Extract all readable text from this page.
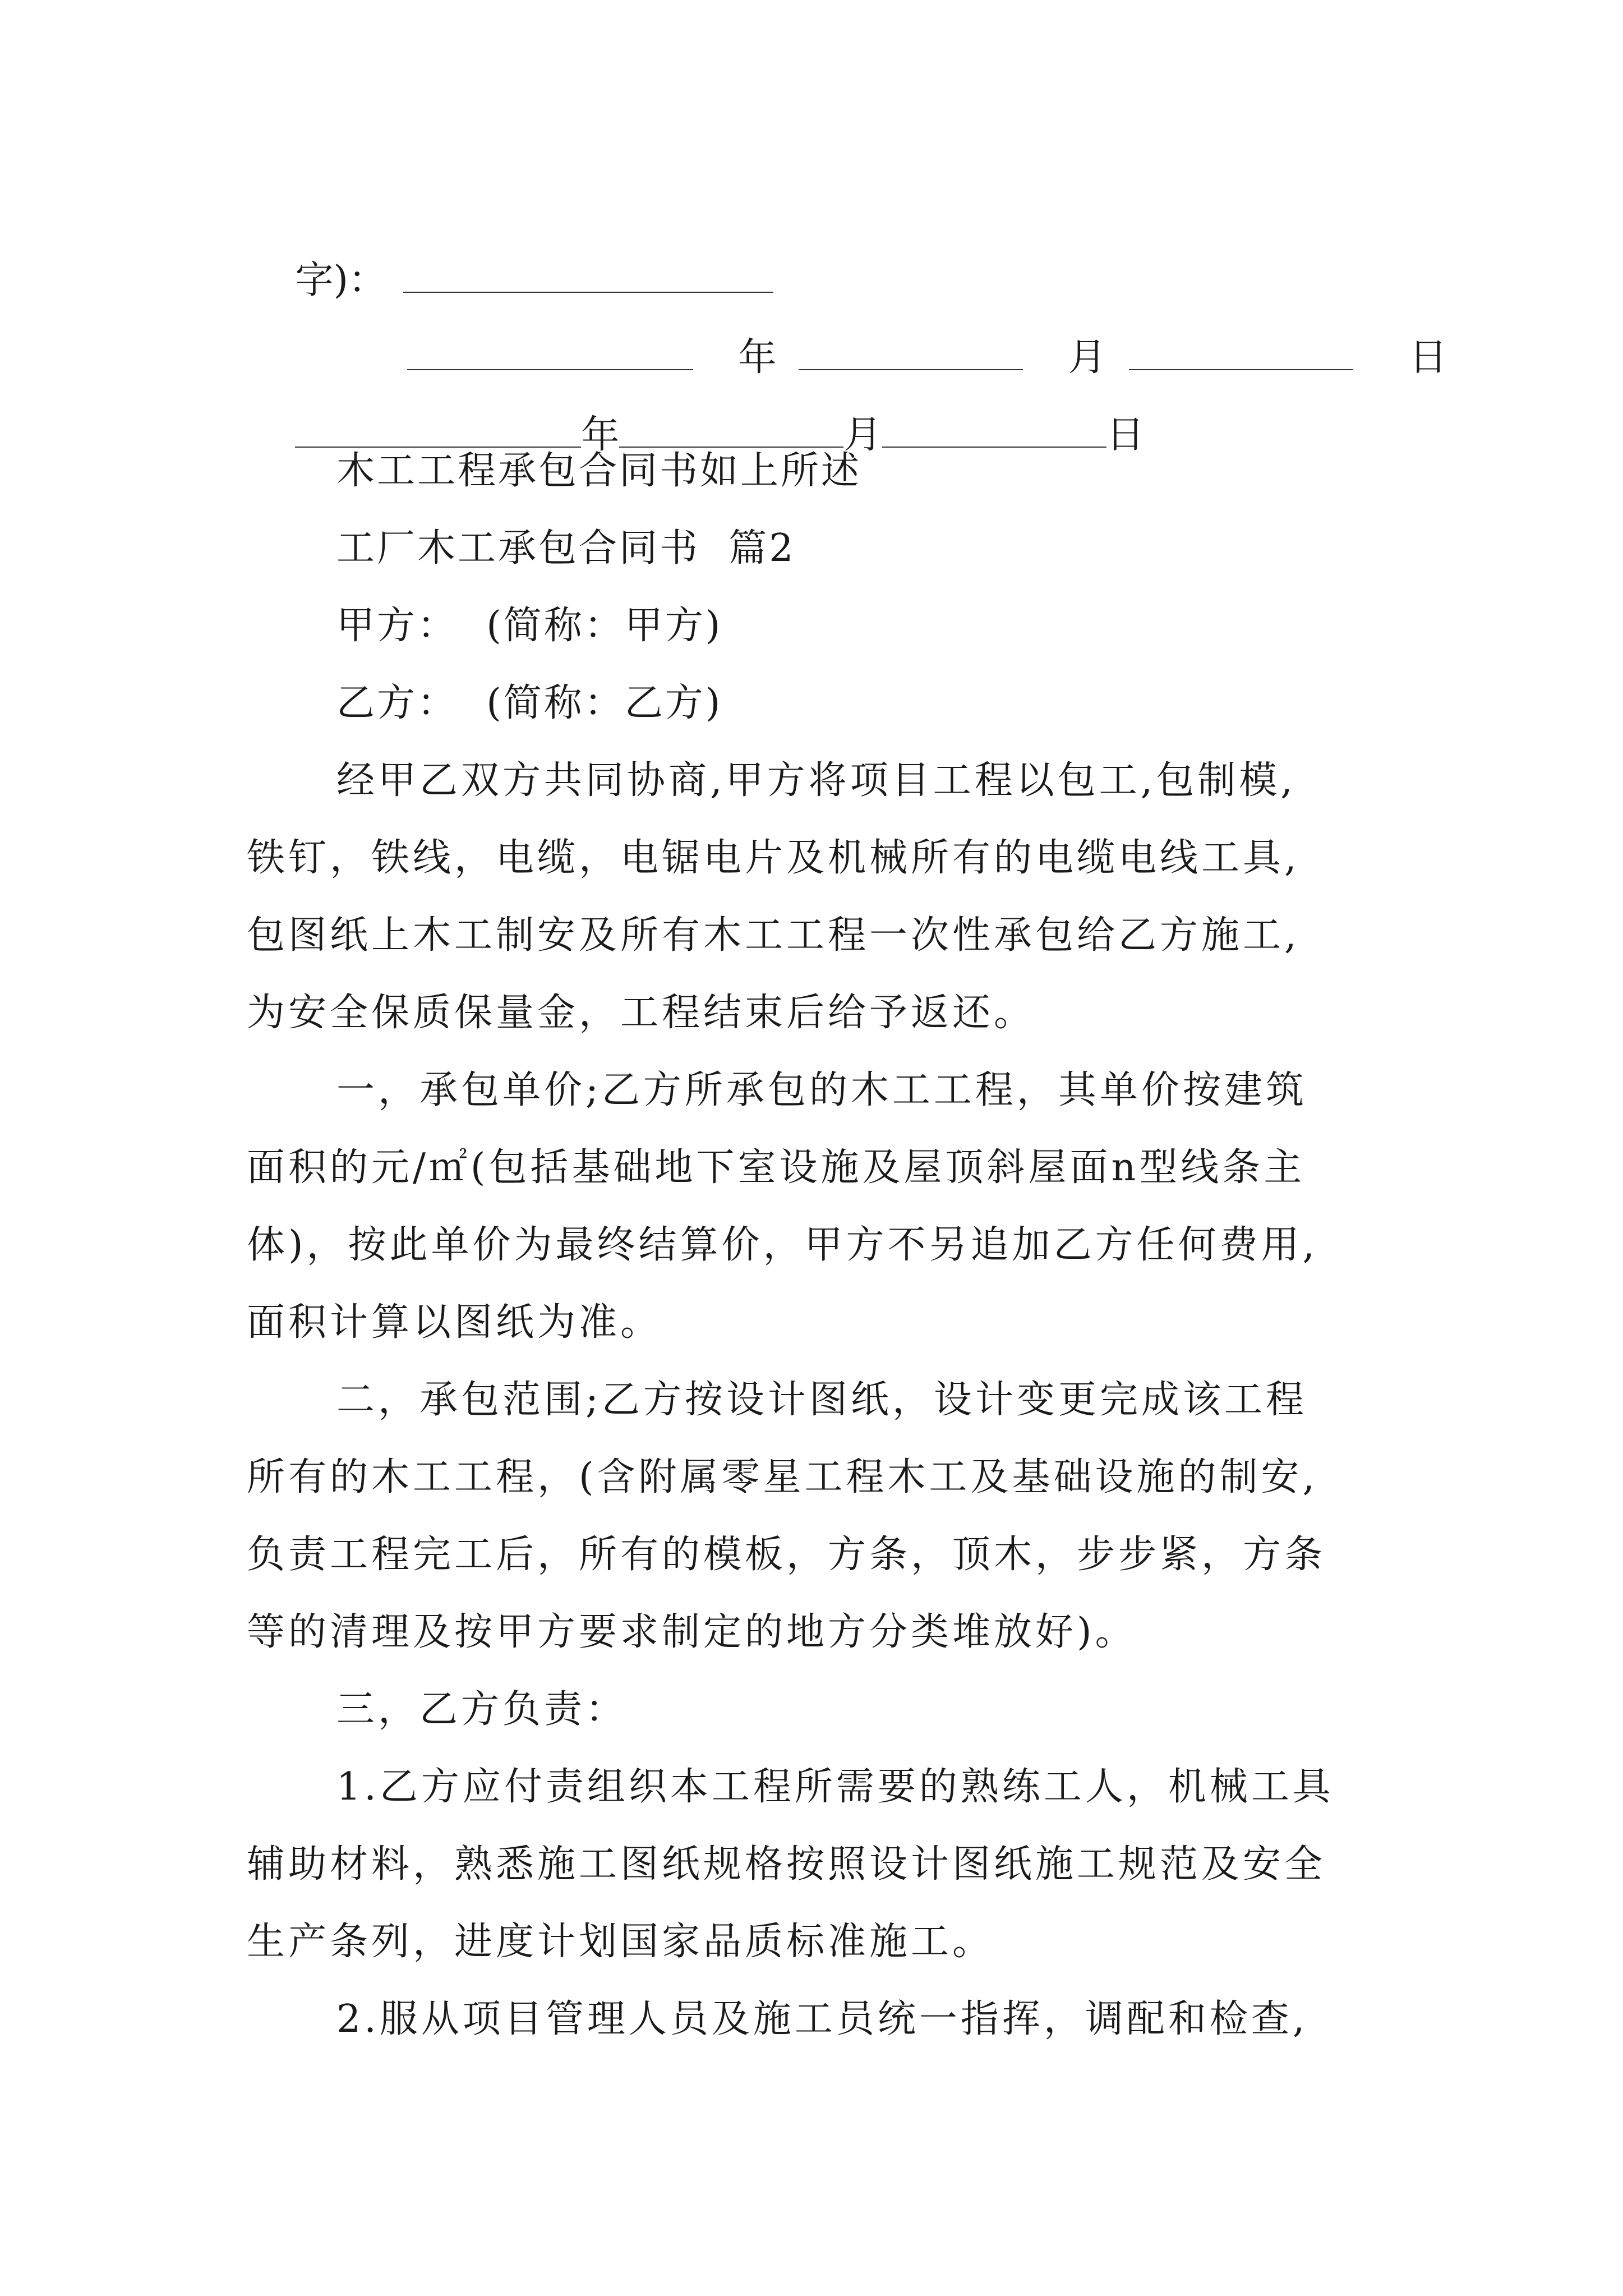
字)：

年	月	日

年	月	日

木工工程承包合同书如上所述
工厂木工承包合同书  篇2
甲方：  (简称：甲方)
乙方：  (简称：乙方)
经甲乙双方共同协商,甲方将项目工程以包工,包制模,
铁钉，铁线，电缆，电锯电片及机械所有的电缆电线工具,
包图纸上木工制安及所有木工工程一次性承包给乙方施工,
为安全保质保量金，工程结束后给予返还。
一，承包单价;乙方所承包的木工工程，其单价按建筑
面积的元/㎡(包括基础地下室设施及屋顶斜屋面n型线条主
体)，按此单价为最终结算价，甲方不另追加乙方任何费用,
面积计算以图纸为准。
二，承包范围;乙方按设计图纸，设计变更完成该工程
所有的木工工程，(含附属零星工程木工及基础设施的制安,
负责工程完工后，所有的模板，方条，顶木，步步紧，方条
等的清理及按甲方要求制定的地方分类堆放好)。
三，乙方负责：
1.乙方应付责组织本工程所需要的熟练工人，机械工具
辅助材料，熟悉施工图纸规格按照设计图纸施工规范及安全
生产条列，进度计划国家品质标准施工。
2.服从项目管理人员及施工员统一指挥，调配和检查,
